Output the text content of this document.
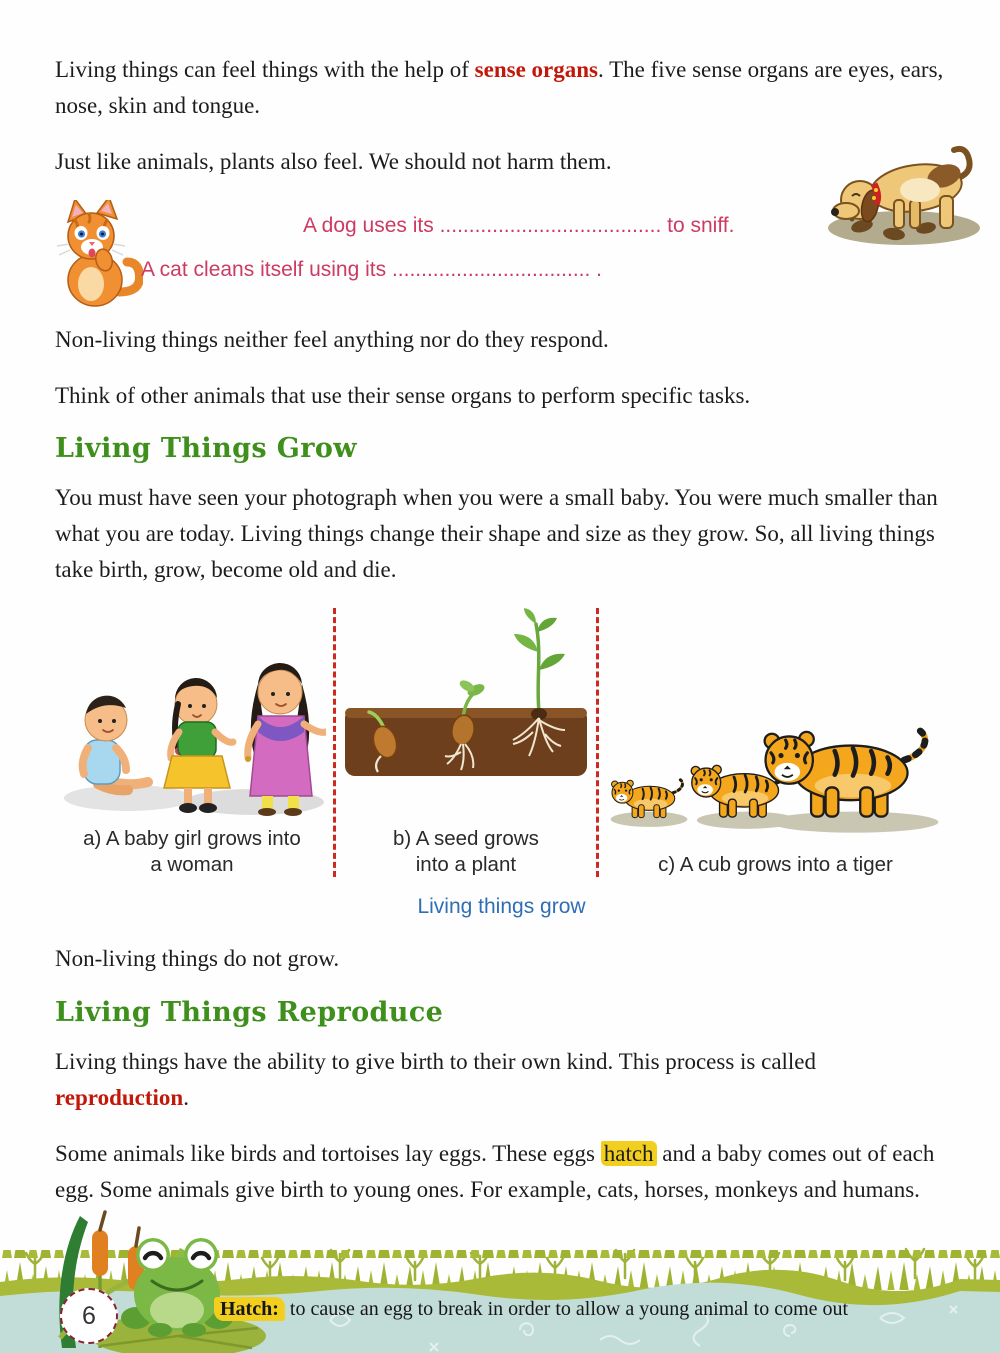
Living things can feel things with the help of sense organs. The five sense organs are eyes, ears, nose, skin and tongue.

Just like animals, plants also feel. We should not harm them.

A dog uses its ...................................... to sniff.
A cat cleans itself using its .................................. .

Non-living things neither feel anything nor do they respond.

Think of other animals that use their sense organs to perform specific tasks.

Living Things Grow

You must have seen your photograph when you were a small baby. You were much smaller than what you are today. Living things change their shape and size as they grow. So, all living things take birth, grow, become old and die.

a) A baby girl grows into a woman
b) A seed grows into a plant	c) A cub grows into a tiger
Living things grow

Non-living things do not grow.

Living Things Reproduce

Living things have the ability to give birth to their own kind. This process is called reproduction.

Some animals like birds and tortoises lay eggs. These eggs hatch and a baby comes out of each egg. Some animals give birth to young ones. For example, cats, horses, monkeys and humans.

6	Hatch: to cause an egg to break in order to allow a young animal to come out
